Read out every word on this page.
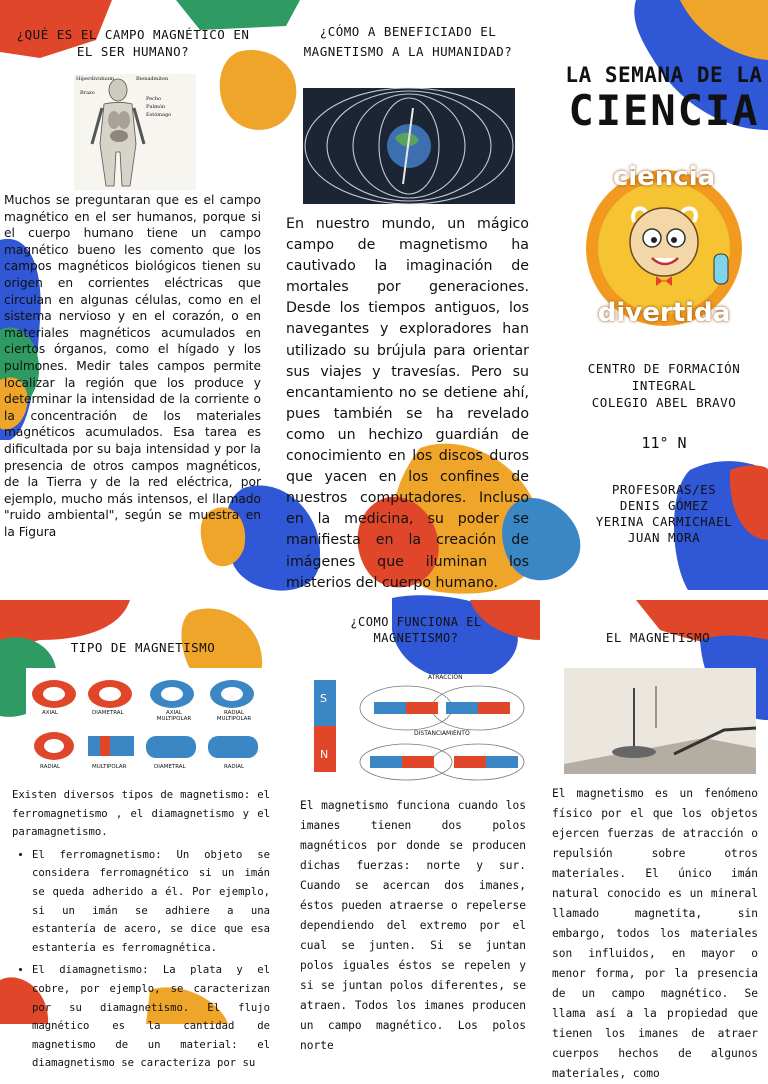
¿QUÉ ES EL CAMPO MAGNÉTICO EN EL SER HUMANO?
Hiperdividuum	Bienadmiten
Brazo
Pecho
Pulmón
Estómago
Muchos se preguntaran que es el campo magnético en el ser humanos, porque si el cuerpo humano tiene un campo magnético bueno les comento que los campos magnéticos biológicos tienen su origen en corrientes eléctricas que circulan en algunas células, como en el sistema nervioso y en el corazón, o en materiales magnéticos acumulados en ciertos órganos, como el hígado y los pulmones. Medir tales campos permite localizar la región que los produce y determinar la intensidad de la corriente o la concentración de los materiales magnéticos acumulados. Esa tarea es dificultada por su baja intensidad y por la presencia de otros campos magnéticos, de la Tierra y de la red eléctrica, por ejemplo, mucho más intensos, el llamado "ruido ambiental", según se muestra en la Figura
¿CÓMO A BENEFICIADO EL MAGNETISMO A LA HUMANIDAD?
En nuestro mundo, un mágico campo de magnetismo ha cautivado la imaginación de mortales por generaciones. Desde los tiempos antiguos, los navegantes y exploradores han utilizado su brújula para orientar sus viajes y travesías. Pero su encantamiento no se detiene ahí, pues también se ha revelado como un hechizo guardián de conocimiento en los discos duros que yacen en los confines de nuestros computadores. Incluso en la medicina, su poder se manifiesta en la creación de imágenes que iluminan los misterios del cuerpo humano.
LA SEMANA DE LA
CIENCIA
ciencia
divertida
CENTRO DE FORMACIÓN
INTEGRAL
COLEGIO ABEL BRAVO
11° N
PROFESORAS/ES
DENIS GÓMEZ
YERINA CARMICHAEL
JUAN MORA
TIPO DE MAGNETISMO
AXIAL	DIAMETRAL	AXIAL MULTIPOLAR
RADIAL MULTIPOLAR
RADIAL	MULTIPOLAR	DIAMETRAL	RADIAL
Existen diversos tipos de magnetismo: el ferromagnetismo , el diamagnetismo y el paramagnetismo.
• El ferromagnetismo: Un objeto se considera ferromagnético si un imán se queda adherido a él. Por ejemplo, si un imán se adhiere a una estantería de acero, se dice que esa estantería es ferromagnética.
• El diamagnetismo: La plata y el cobre, por ejemplo, se caracterizan por su diamagnetismo. El flujo magnético es la cantidad de magnetismo de un material: el diamagnetismo se caracteriza por su
¿COMO FUNCIONA EL MAGNETISMO?
ATRACCIÓN
DISTANCIAMIENTO
S
N
El magnetismo funciona cuando los imanes tienen dos polos magnéticos por donde se producen dichas fuerzas: norte y sur. Cuando se acercan dos imanes, éstos pueden atraerse o repelerse dependiendo del extremo por el cual se junten. Si se juntan polos iguales éstos se repelen y si se juntan polos diferentes, se atraen. Todos los imanes producen un campo magnético. Los polos norte
EL MAGNETISMO
El magnetismo es un fenómeno físico por el que los objetos ejercen fuerzas de atracción o repulsión sobre otros materiales. El único imán natural conocido es un mineral llamado magnetita, sin embargo, todos los materiales son influidos, en mayor o menor forma, por la presencia de un campo magnético. Se llama así a la propiedad que tienen los imanes de atraer cuerpos hechos de algunos materiales, como
